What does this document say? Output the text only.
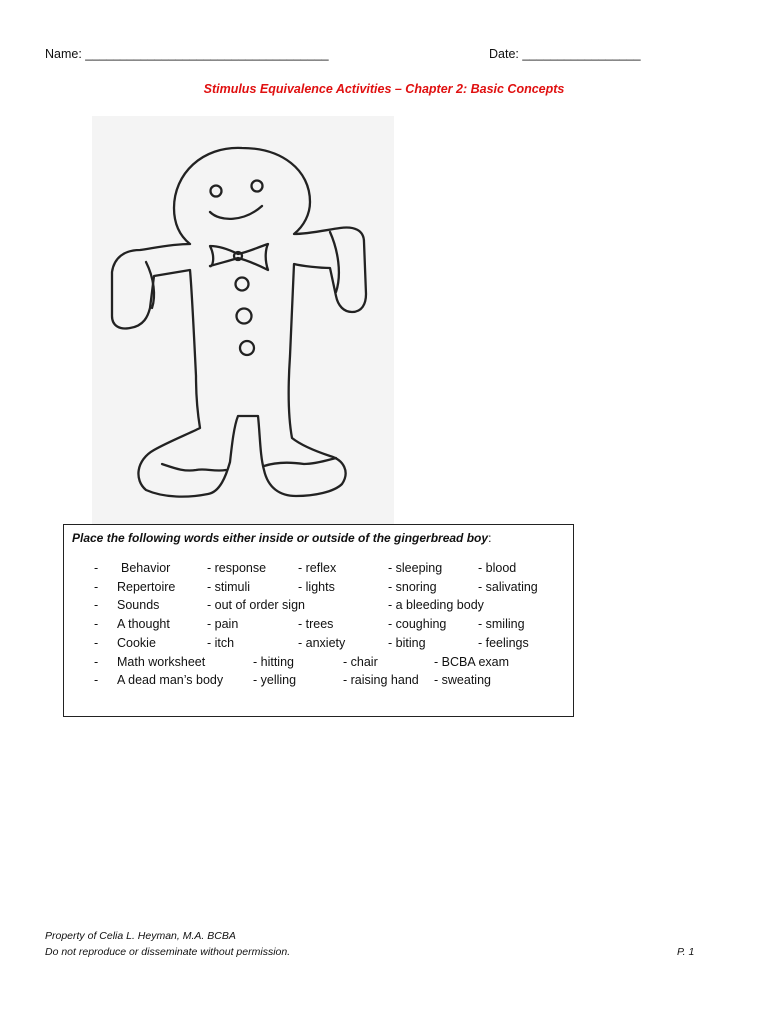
Name: ___________________________________	Date: _________________
Stimulus Equivalence Activities – Chapter 2: Basic Concepts
Place the following words either inside or outside of the gingerbread boy:
- Behavior	- response	- reflex	- sleeping	- blood
- Repertoire	- stimuli	- lights	- snoring	- salivating
- Sounds	- out of order sign	- a bleeding body
- A thought	- pain	- trees	- coughing	- smiling
- Cookie	- itch	- anxiety	- biting	- feelings
- Math worksheet	- hitting	- chair	- BCBA exam
- A dead man’s body - yelling	- raising hand - sweating
Property of Celia L. Heyman, M.A. BCBA
Do not reproduce or disseminate without permission.	P. 1
